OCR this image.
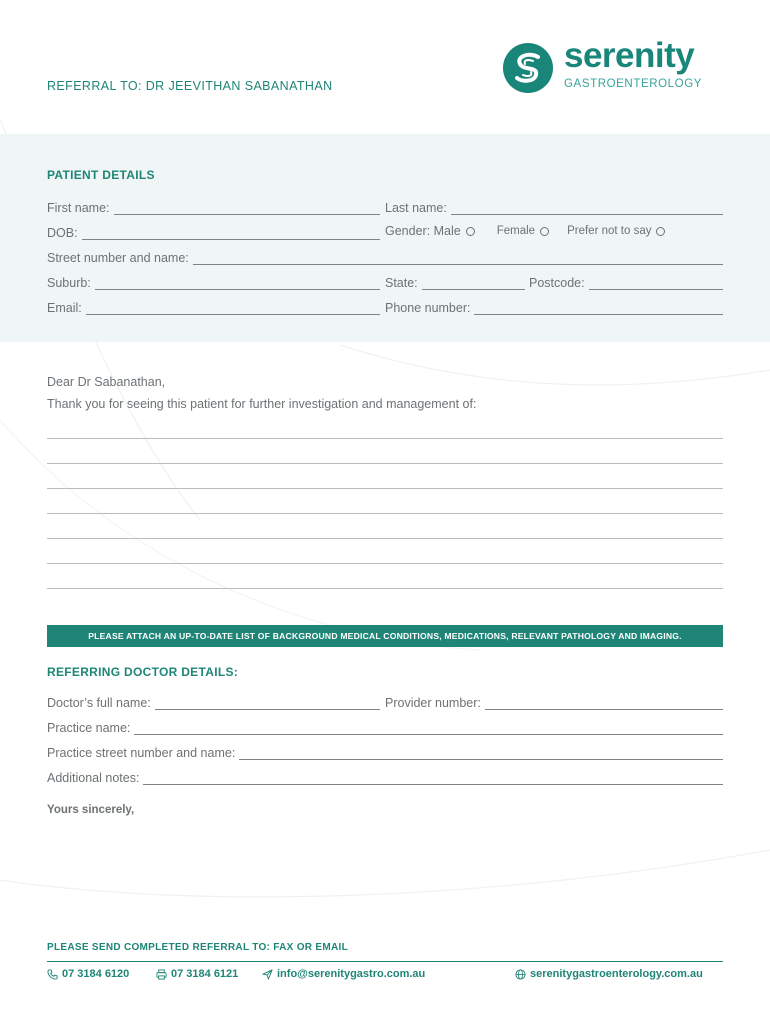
REFERRAL TO: DR JEEVITHAN SABANATHAN
serenity
GASTROENTEROLOGY
PATIENT DETAILS
First name:	Last name:
DOB:	Gender: Male	Female	Prefer not to say
Street number and name:
Suburb:	State:	Postcode:
Email:	Phone number:
Dear Dr Sabanathan,
Thank you for seeing this patient for further investigation and management of:
PLEASE ATTACH AN UP-TO-DATE LIST OF BACKGROUND MEDICAL CONDITIONS, MEDICATIONS, RELEVANT PATHOLOGY AND IMAGING.
REFERRING DOCTOR DETAILS:
Doctor’s full name:	Provider number:
Practice name:
Practice street number and name:
Additional notes:
Yours sincerely,
PLEASE SEND COMPLETED REFERRAL TO: FAX OR EMAIL
07 3184 6120	07 3184 6121	info@serenitygastro.com.au	serenitygastroenterology.com.au
